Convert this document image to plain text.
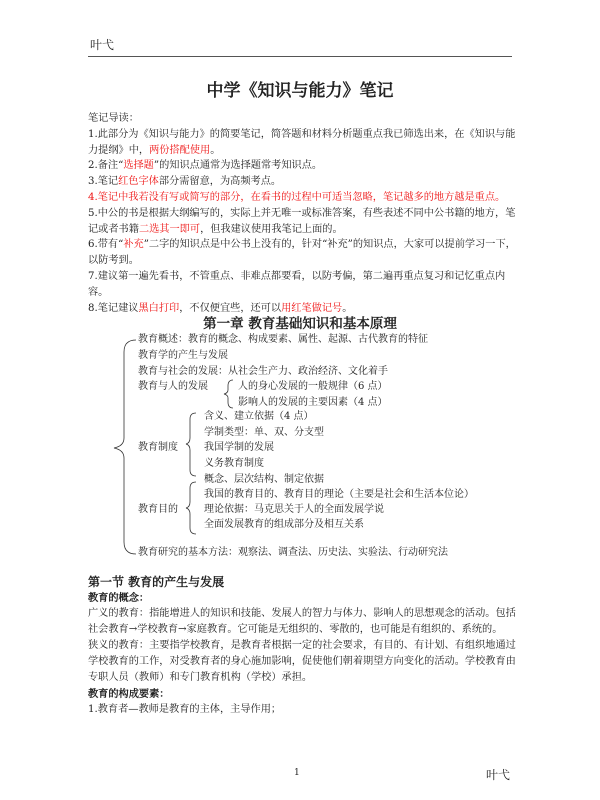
叶弋
中学《知识与能力》笔记

笔记导读：

1.此部分为《知识与能力》的简要笔记，简答题和材料分析题重点我已筛选出来，在《知识与能力提纲》中，两份搭配使用。

2.备注“选择题”的知识点通常为选择题常考知识点。

3.笔记红色字体部分需留意，为高频考点。

4.笔记中我若没有写或简写的部分，在看书的过程中可适当忽略，笔记越多的地方越是重点。

5.中公的书是根据大纲编写的，实际上并无唯一或标准答案，有些表述不同中公书籍的地方，笔记或者书籍二选其一即可，但我建议使用我笔记上面的。

6.带有“补充”二字的知识点是中公书上没有的，针对“补充”的知识点，大家可以提前学习一下，以防考到。

7.建议第一遍先看书，不管重点、非难点都要看，以防考偏，第二遍再重点复习和记忆重点内容。

8.笔记建议黑白打印，不仅便宜些，还可以用红笔做记号。

第一章 教育基础知识和基本原理
教育概述：教育的概念、构成要素、属性、起源、古代教育的特征
教育学的产生与发展
教育与社会的发展：从社会生产力、政治经济、文化着手
教育与人的发展	人的身心发展的一般规律（6 点）
影响人的发展的主要因素（4 点）
含义、建立依据（4 点）
学制类型：单、双、分支型
教育制度	我国学制的发展
义务教育制度
概念、层次结构、制定依据
我国的教育目的、教育目的理论（主要是社会和生活本位论）
教育目的	理论依据：马克思关于人的全面发展学说
全面发展教育的组成部分及相互关系
教育研究的基本方法：观察法、调查法、历史法、实验法、行动研究法
第一节 教育的产生与发展

教育的概念：

广义的教育：指能增进人的知识和技能、发展人的智力与体力、影响人的思想观念的活动。包括社会教育→学校教育→家庭教育。它可能是无组织的、零散的，也可能是有组织的、系统的。

狭义的教育：主要指学校教育，是教育者根据一定的社会要求，有目的、有计划、有组织地通过学校教育的工作，对受教育者的身心施加影响，促使他们朝着期望方向变化的活动。学校教育由专职人员（教师）和专门教育机构（学校）承担。

教育的构成要素：

1.教育者—教师是教育的主体，主导作用；

1	叶弋
